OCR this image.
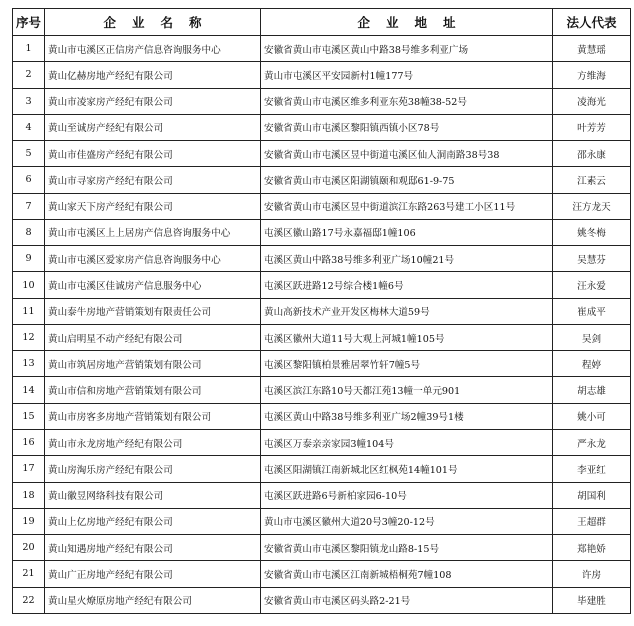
序号	企业名称	企业地址	法人代表
1	黄山市屯溪区正信房产信息咨询服务中心	安徽省黄山市屯溪区黄山中路38号维多利亚广场	黄慧瑶
2	黄山亿赫房地产经纪有限公司	黄山市屯溪区平安园新村1幢177号	方维海
3	黄山市凌家房产经纪有限公司	安徽省黄山市屯溪区维多利亚东苑38幢38-52号	凌海光
4	黄山至诚房产经纪有限公司	安徽省黄山市屯溪区黎阳镇西镇小区78号	叶芳芳
5	黄山市佳盛房产经纪有限公司	安徽省黄山市屯溪区昱中街道屯溪区仙人洞南路38号38	邵永康
6	黄山市寻家房产经纪有限公司	安徽省黄山市屯溪区阳湖镇颐和观邸61-9-75	江素云
7	黄山家天下房产经纪有限公司	安徽省黄山市屯溪区昱中街道滨江东路263号建工小区11号	汪方龙天
8	黄山市屯溪区上上居房产信息咨询服务中心	屯溪区徽山路17号永嘉福邸1幢106	姚冬梅
9	黄山市屯溪区爱家房产信息咨询服务中心	屯溪区黄山中路38号维多利亚广场10幢21号	吴慧芬
10	黄山市屯溪区佳诚房产信息服务中心	屯溪区跃进路12号综合楼1幢6号	汪永爱
11	黄山泰牛房地产营销策划有限责任公司	黄山高新技术产业开发区梅林大道59号	崔成平
12	黄山启明星不动产经纪有限公司	屯溪区徽州大道11号大观上河城1幢105号	吴剑
13	黄山市筑居房地产营销策划有限公司	屯溪区黎阳镇柏景雅居翠竹轩7幢5号	程婷
14	黄山市信和房地产营销策划有限公司	屯溪区滨江东路10号天都江苑13幢一单元901	胡志雄
15	黄山市房客多房地产营销策划有限公司	屯溪区黄山中路38号维多利亚广场2幢39号1楼	姚小可
16	黄山市永龙房地产经纪有限公司	屯溪区万泰亲亲家园3幢104号	严永龙
17	黄山房淘乐房产经纪有限公司	屯溪区阳湖镇江南新城北区红枫苑14幢101号	李亚红
18	黄山徽昱网络科技有限公司	屯溪区跃进路6号新柏家园6-10号	胡国利
19	黄山上亿房地产经纪有限公司	黄山市屯溪区徽州大道20号3幢20-12号	王超群
20	黄山知遇房地产经纪有限公司	安徽省黄山市屯溪区黎阳镇龙山路8-15号	郑艳娇
21	黄山广正房地产经纪有限公司	安徽省黄山市屯溪区江南新城梧桐苑7幢108	许房
22	黄山星火燎原房地产经纪有限公司	安徽省黄山市屯溪区码头路2-21号	毕建胜
